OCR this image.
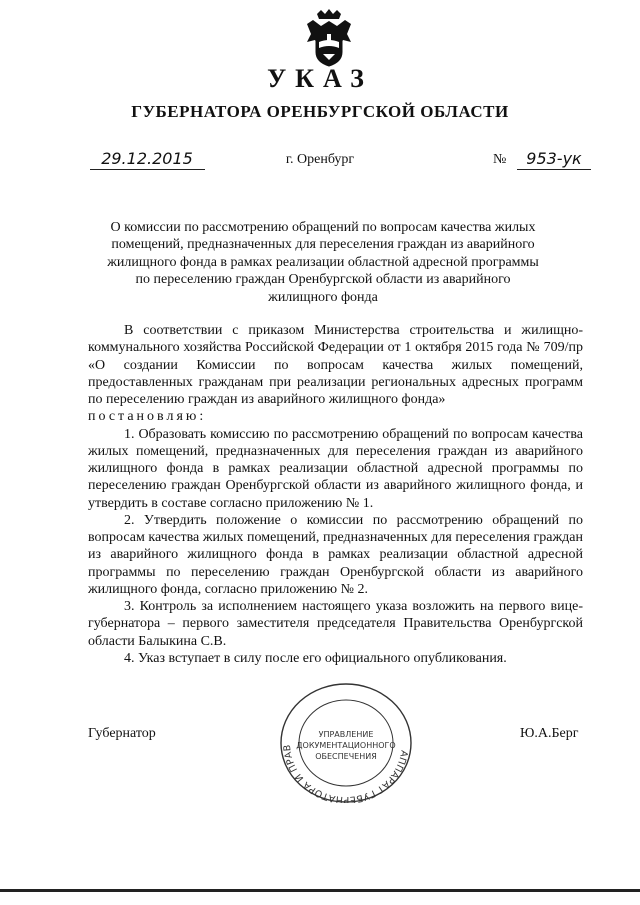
УКАЗ
ГУБЕРНАТОРА ОРЕНБУРГСКОЙ ОБЛАСТИ
29.12.2015	г. Оренбург	№	953-ук
О комиссии по рассмотрению обращений по вопросам качества жилых помещений, предназначенных для переселения граждан из аварийного жилищного фонда в рамках реализации областной адресной программы по переселению граждан Оренбургской области из аварийного жилищного фонда

В соответствии с приказом Министерства строительства и жилищно-коммунального хозяйства Российской Федерации от 1 октября 2015 года № 709/пр «О создании Комиссии по вопросам качества жилых помещений, предоставленных гражданам при реализации региональных адресных программ по переселению граждан из аварийного жилищного фонда»

постановляю:

1. Образовать комиссию по рассмотрению обращений по вопросам качества жилых помещений, предназначенных для переселения граждан из аварийного жилищного фонда в рамках реализации областной адресной программы по переселению граждан Оренбургской области из аварийного жилищного фонда, и утвердить в составе согласно приложению № 1.

2. Утвердить положение о комиссии по рассмотрению обращений по вопросам качества жилых помещений, предназначенных для переселения граждан из аварийного жилищного фонда в рамках реализации областной адресной программы по переселению граждан Оренбургской области из аварийного жилищного фонда, согласно приложению № 2.

3. Контроль за исполнением настоящего указа возложить на первого вице-губернатора – первого заместителя председателя Правительства Оренбургской области Балыкина С.В.

4. Указ вступает в силу после его официального опубликования.

Губернатор	Ю.А.Берг
АППАРАТ ГУБЕРНАТОРА И ПРАВ
УПРАВЛЕНИЕ
ДОКУМЕНТАЦИОННОГО
ОБЕСПЕЧЕНИЯ
